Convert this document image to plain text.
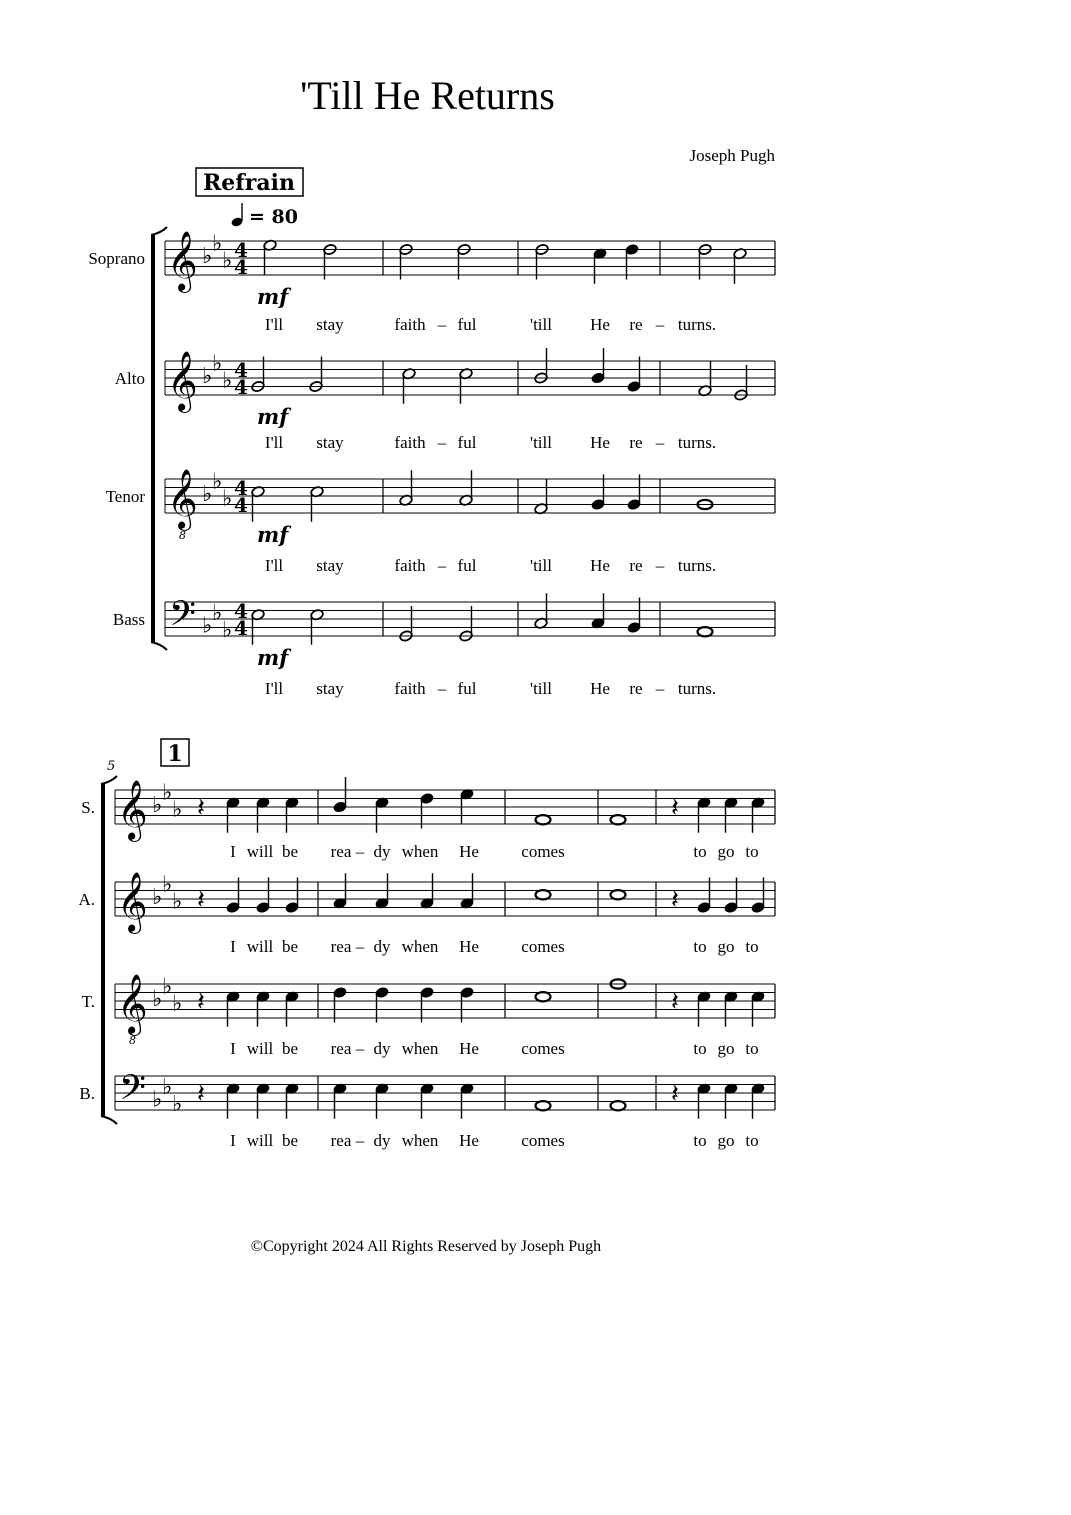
'Till He Returns
Joseph Pugh
Refrain
= 80
1
5
Soprano 𝄞 ♭
♭
♭ 4
4
mf
I'll stay	faith – ful	'till He re – turns.
Alto 𝄞 ♭
♭
♭ 4
4
mf
I'll stay	faith – ful	'till He re – turns.
Tenor 𝄞
8
♭
♭
♭ 4
4
mf
I'll stay	faith – ful	'till He re – turns.
Bass 𝄢 ♭
♭
♭
4
4
mf
I'll stay	faith – ful	'till He re – turns.
S. 𝄞 ♭
♭
♭ 𝄽	𝄽
I will be rea – dy when He comes	to go to
A. 𝄞 ♭
♭
♭ 𝄽	𝄽
I will be rea – dy when He comes	to go to
T. 𝄞
8
♭
♭
♭ 𝄽	𝄽
I will be rea – dy when He comes	to go to
B. 𝄢 ♭
♭
♭ 𝄽	𝄽
I will be rea – dy when He comes	to go to
©Copyright 2024 All Rights Reserved by Joseph Pugh
